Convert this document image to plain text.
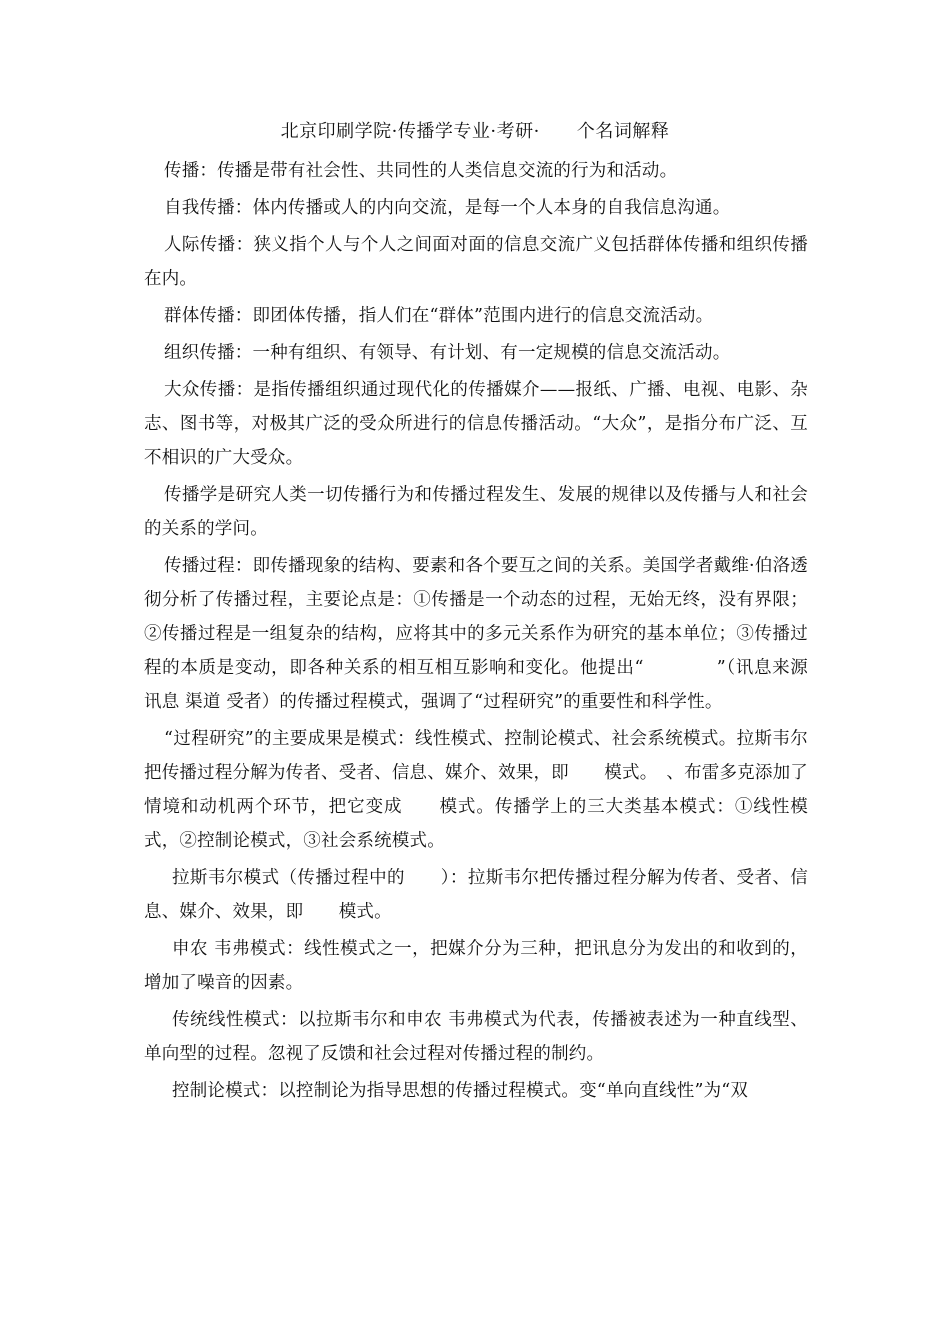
北京印刷学院·传播学专业·考研·　　个名词解释

传播：传播是带有社会性、共同性的人类信息交流的行为和活动。

自我传播：体内传播或人的内向交流，是每一个人本身的自我信息沟通。

人际传播：狭义指个人与个人之间面对面的信息交流广义包括群体传播和组织传播在内。

群体传播：即团体传播，指人们在“群体”范围内进行的信息交流活动。

组织传播：一种有组织、有领导、有计划、有一定规模的信息交流活动。

大众传播：是指传播组织通过现代化的传播媒介——报纸、广播、电视、电影、杂志、图书等，对极其广泛的受众所进行的信息传播活动。“大众”，是指分布广泛、互不相识的广大受众。

传播学是研究人类一切传播行为和传播过程发生、发展的规律以及传播与人和社会的关系的学问。

传播过程：即传播现象的结构、要素和各个要互之间的关系。美国学者戴维·伯洛透彻分析了传播过程，主要论点是：①传播是一个动态的过程，无始无终，没有界限；②传播过程是一组复杂的结构，应将其中的多元关系作为研究的基本单位；③传播过程的本质是变动，即各种关系的相互相互影响和变化。他提出“　　　　”（讯息来源 讯息 渠道 受者）的传播过程模式，强调了“过程研究”的重要性和科学性。

“过程研究”的主要成果是模式：线性模式、控制论模式、社会系统模式。拉斯韦尔把传播过程分解为传者、受者、信息、媒介、效果，即　　模式。　、布雷多克添加了情境和动机两个环节，把它变成　　模式。传播学上的三大类基本模式：①线性模式，②控制论模式，③社会系统模式。

拉斯韦尔模式（传播过程中的　　）：拉斯韦尔把传播过程分解为传者、受者、信息、媒介、效果，即　　模式。

申农 韦弗模式：线性模式之一，把媒介分为三种，把讯息分为发出的和收到的，增加了噪音的因素。

传统线性模式：以拉斯韦尔和申农 韦弗模式为代表，传播被表述为一种直线型、单向型的过程。忽视了反馈和社会过程对传播过程的制约。

控制论模式：以控制论为指导思想的传播过程模式。变“单向直线性”为“双
